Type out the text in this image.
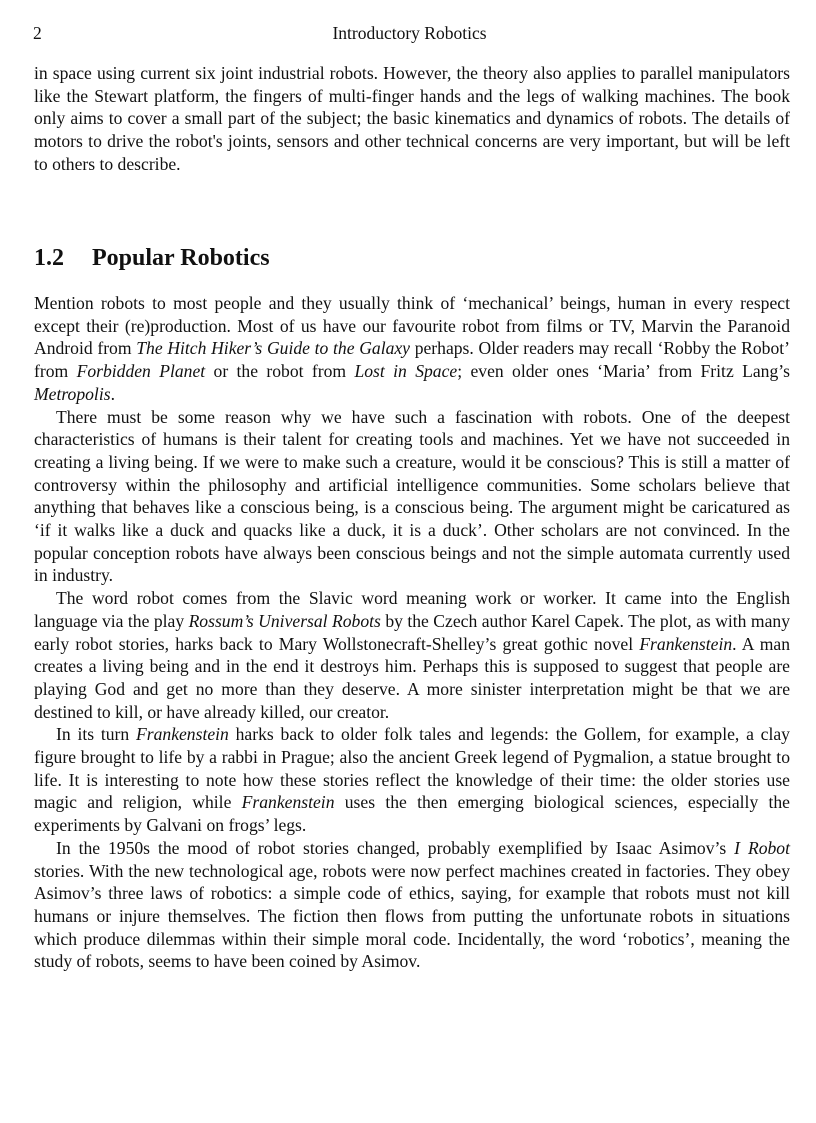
2	Introductory Robotics

in space using current six joint industrial robots. However, the theory also applies to parallel manipulators like the Stewart platform, the fingers of multi-finger hands and the legs of walking machines. The book only aims to cover a small part of the subject; the basic kinematics and dynamics of robots. The details of motors to drive the robot's joints, sensors and other technical concerns are very important, but will be left to others to describe.

1.2 Popular Robotics

Mention robots to most people and they usually think of ‘mechanical’ beings, human in every respect except their (re)production. Most of us have our favourite robot from films or TV, Marvin the Paranoid Android from The Hitch Hiker’s Guide to the Galaxy perhaps. Older readers may recall ‘Robby the Robot’ from Forbidden Planet or the robot from Lost in Space; even older ones ‘Maria’ from Fritz Lang’s Metropolis.

There must be some reason why we have such a fascination with robots. One of the deepest characteristics of humans is their talent for creating tools and machines. Yet we have not succeeded in creating a living being. If we were to make such a creature, would it be conscious? This is still a matter of controversy within the philosophy and artificial intelligence communities. Some scholars believe that anything that behaves like a conscious being, is a conscious being. The argument might be caricatured as ‘if it walks like a duck and quacks like a duck, it is a duck’. Other scholars are not convinced. In the popular conception robots have always been conscious beings and not the simple automata currently used in industry.

The word robot comes from the Slavic word meaning work or worker. It came into the English language via the play Rossum’s Universal Robots by the Czech author Karel Capek. The plot, as with many early robot stories, harks back to Mary Wollstonecraft-Shelley’s great gothic novel Frankenstein. A man creates a living being and in the end it destroys him. Perhaps this is supposed to suggest that people are playing God and get no more than they deserve. A more sinister interpretation might be that we are destined to kill, or have already killed, our creator.

In its turn Frankenstein harks back to older folk tales and legends: the Gollem, for example, a clay figure brought to life by a rabbi in Prague; also the ancient Greek legend of Pygmalion, a statue brought to life. It is interesting to note how these stories reflect the knowledge of their time: the older stories use magic and religion, while Frankenstein uses the then emerging biological sciences, especially the experiments by Galvani on frogs’ legs.

In the 1950s the mood of robot stories changed, probably exemplified by Isaac Asimov’s I Robot stories. With the new technological age, robots were now perfect machines created in factories. They obey Asimov’s three laws of robotics: a simple code of ethics, saying, for example that robots must not kill humans or injure themselves. The fiction then flows from putting the unfortunate robots in situations which produce dilemmas within their simple moral code. Incidentally, the word ‘robotics’, meaning the study of robots, seems to have been coined by Asimov.
